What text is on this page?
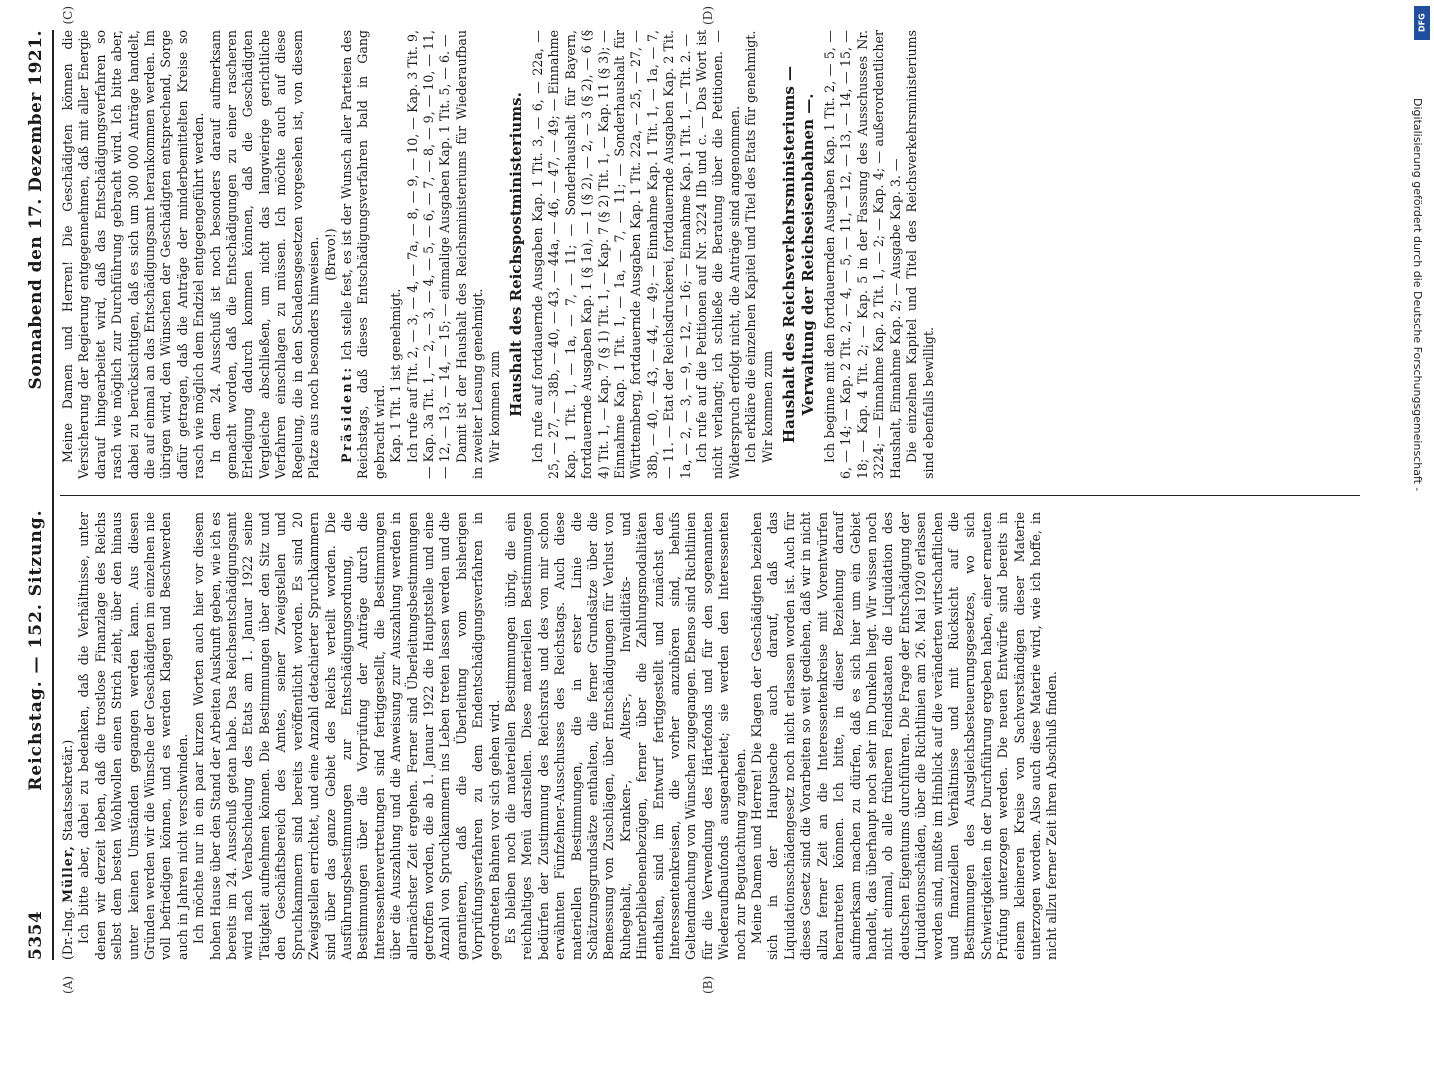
5354
Reichstag. — 152. Sitzung.
Sonnabend den 17. Dezember 1921.
(A)	(B)

(Dr.-Ing. Müller, Staatssekretär.) Ich bitte aber, dabei zu bedenken, daß die Verhältnisse, unter denen wir derzeit leben, daß die trostlose Finanzlage des Reichs selbst dem besten Wohlwollen einen Strich zieht, über den hinaus unter keinen Umständen gegangen werden kann. Aus diesen Gründen werden wir die Wünsche der Geschädigten im einzelnen nie voll befriedigen können, und es werden Klagen und Beschwerden auch in Jahren nicht verschwinden. Ich möchte nur in ein paar kurzen Worten auch hier vor diesem hohen Hause über den Stand der Arbeiten Auskunft geben, wie ich es bereits im 24. Ausschuß getan habe. Das Reichsentschädigungsamt wird nach Verabschiedung des Etats am 1. Januar 1922 seine Tätigkeit aufnehmen können. Die Bestimmungen über den Sitz und den Geschäftsbereich des Amtes, seiner Zweigstellen und Spruchkammern sind bereits veröffentlicht worden. Es sind 20 Zweigstellen errichtet, und eine Anzahl detachierter Spruchkammern sind über das ganze Gebiet des Reichs verteilt worden. Die Ausführungsbestimmungen zur Entschädigungsordnung, die Bestimmungen über die Vorprüfung der Anträge durch die Interessentenvertretungen sind fertiggestellt, die Bestimmungen über die Auszahlung und die Anweisung zur Auszahlung werden in allernächster Zeit ergehen. Ferner sind Überleitungsbestimmungen getroffen worden, die ab 1. Januar 1922 die Hauptstelle und eine Anzahl von Spruchkammern ins Leben treten lassen werden und die garantieren, daß die Überleitung vom bisherigen Vorprüfungsverfahren zu dem Endentschädigungsverfahren in geordneten Bahnen vor sich gehen wird. Es bleiben noch die materiellen Bestimmungen übrig, die ein reichhaltiges Menü darstellen. Diese materiellen Bestimmungen bedürfen der Zustimmung des Reichsrats und des von mir schon erwähnten Fünfzehner-Ausschusses des Reichstags. Auch diese materiellen Bestimmungen, die in erster Linie die Schätzungsgrundsätze enthalten, die ferner Grundsätze über die Bemessung von Zuschlägen, über Entschädigungen für Verlust von Ruhegehalt, Kranken-, Alters-, Invaliditäts- und Hinterbliebenenbezügen, ferner über die Zahlungsmodalitäten enthalten, sind im Entwurf fertiggestellt und zunächst den Interessentenkreisen, die vorher anzuhören sind, behufs Geltendmachung von Wünschen zugegangen. Ebenso sind Richtlinien für die Verwendung des Härtefonds und für den sogenannten Wiederaufbaufonds ausgearbeitet; sie werden den Interessenten noch zur Begutachtung zugehen. Meine Damen und Herren! Die Klagen der Geschädigten beziehen sich in der Hauptsache auch darauf, daß das Liquidationsschädengesetz noch nicht erlassen worden ist. Auch für dieses Gesetz sind die Vorarbeiten so weit gediehen, daß wir in nicht allzu ferner Zeit an die Interessentenkreise mit Vorentwürfen herantreten können. Ich bitte, in dieser Beziehung darauf aufmerksam machen zu dürfen, daß es sich hier um ein Gebiet handelt, das überhaupt noch sehr im Dunkeln liegt. Wir wissen noch nicht einmal, ob alle früheren Feindstaaten die Liquidation des deutschen Eigentums durchführen. Die Frage der Entschädigung der Liquidationsschäden, über die Richtlinien am 26. Mai 1920 erlassen worden sind, mußte im Hinblick auf die veränderten wirtschaftlichen und finanziellen Verhältnisse und mit Rücksicht auf die Bestimmungen des Ausgleichsbesteuerungsgesetzes, wo sich Schwierigkeiten in der Durchführung ergeben haben, einer erneuten Prüfung unterzogen werden. Die neuen Entwürfe sind bereits in einem kleineren Kreise von Sachverständigen dieser Materie unterzogen worden. Also auch diese Materie wird, wie ich hoffe, in nicht allzu ferner Zeit ihren Abschluß finden.

(C)	(D)

Meine Damen und Herren! Die Geschädigten können die Versicherung der Regierung entgegennehmen, daß mit aller Energie darauf hingearbeitet wird, daß das Entschädigungsverfahren so rasch wie möglich zur Durchführung gebracht wird. Ich bitte aber, dabei zu berücksichtigen, daß es sich um 300 000 Anträge handelt, die auf einmal an das Entschädigungsamt herankommen werden. Im übrigen wird, den Wünschen der Geschädigten entsprechend, Sorge dafür getragen, daß die Anträge der minderbemittelten Kreise so rasch wie möglich dem Endziel entgegengeführt werden. In dem 24. Ausschuß ist noch besonders darauf aufmerksam gemacht worden, daß die Entschädigungen zu einer rascheren Erledigung dadurch kommen können, daß die Geschädigten Vergleiche abschließen, um nicht das langwierige gerichtliche Verfahren einschlagen zu müssen. Ich möchte auch auf diese Regelung, die in den Schadensgesetzen vorgesehen ist, von diesem Platze aus noch besonders hinweisen. (Bravo!)

Präsident: Ich stelle fest, es ist der Wunsch aller Parteien des Reichstags, daß dieses Entschädigungsverfahren bald in Gang gebracht wird. Kap. 1 Tit. 1 ist genehmigt. Ich rufe auf Tit. 2, — 3, — 4, — 7a, — 8, — 9, — 10, — Kap. 3 Tit. 9, — Kap. 3a Tit. 1, — 2, — 3, — 4, — 5, — 6, — 7, — 8, — 9, — 10, — 11, — 12, — 13, — 14, — 15; — einmalige Ausgaben Kap. 1 Tit. 5, — 6. — Damit ist der Haushalt des Reichsministeriums für Wiederaufbau in zweiter Lesung genehmigt. Wir kommen zum Haushalt des Reichspostministeriums. Ich rufe auf fortdauernde Ausgaben Kap. 1 Tit. 3, — 6, — 22a, — 25, — 27, — 38b, — 40, — 43, — 44a, — 46, — 47, — 49; — Einnahme Kap. 1 Tit. 1, — 1a, — 7, — 11; — Sonderhaushalt für Bayern, fortdauernde Ausgaben Kap. 1 (§ 1a), — 1 (§ 2), — 2, — 3 (§ 2), — 6 (§ 4) Tit. 1, — Kap. 7 (§ 1) Tit. 1, — Kap. 7 (§ 2) Tit. 1, — Kap. 11 (§ 3); — Einnahme Kap. 1 Tit. 1, — 1a, — 7, — 11; — Sonderhaushalt für Württemberg, fortdauernde Ausgaben Kap. 1 Tit. 22a, — 25, — 27, — 38b, — 40, — 43, — 44, — 49; — Einnahme Kap. 1 Tit. 1, — 1a, — 7, — 11. — Etat der Reichsdruckerei, fortdauernde Ausgaben Kap. 2 Tit. 1a, — 2, — 3, — 9, — 12, — 16; — Einnahme Kap. 1 Tit. 1, — Tit. 2. — Ich rufe auf die Petitionen auf Nr. 3224 IIb und c. — Das Wort ist nicht verlangt; ich schließe die Beratung über die Petitionen. — Widerspruch erfolgt nicht, die Anträge sind angenommen. Ich erkläre die einzelnen Kapitel und Titel des Etats für genehmigt. Wir kommen zum Haushalt des Reichsverkehrsministeriums — Verwaltung der Reichseisenbahnen —. Ich beginne mit den fortdauernden Ausgaben Kap. 1 Tit. 2, — 5, — 6, — 14; — Kap. 2 Tit. 2, — 4, — 5, — 11, — 12, — 13, — 14, — 15, — 18; — Kap. 4 Tit. 2; — Kap. 5 in der Fassung des Ausschusses Nr. 3224; — Einnahme Kap. 2 Tit. 1, — 2; — Kap. 4; — außerordentlicher Haushalt, Einnahme Kap. 2; — Ausgabe Kap. 3. — Die einzelnen Kapitel und Titel des Reichsverkehrsministeriums sind ebenfalls bewilligt.	Digitalisierung gefördert durch die Deutsche Forschungsgemeinschaft -
DFG
